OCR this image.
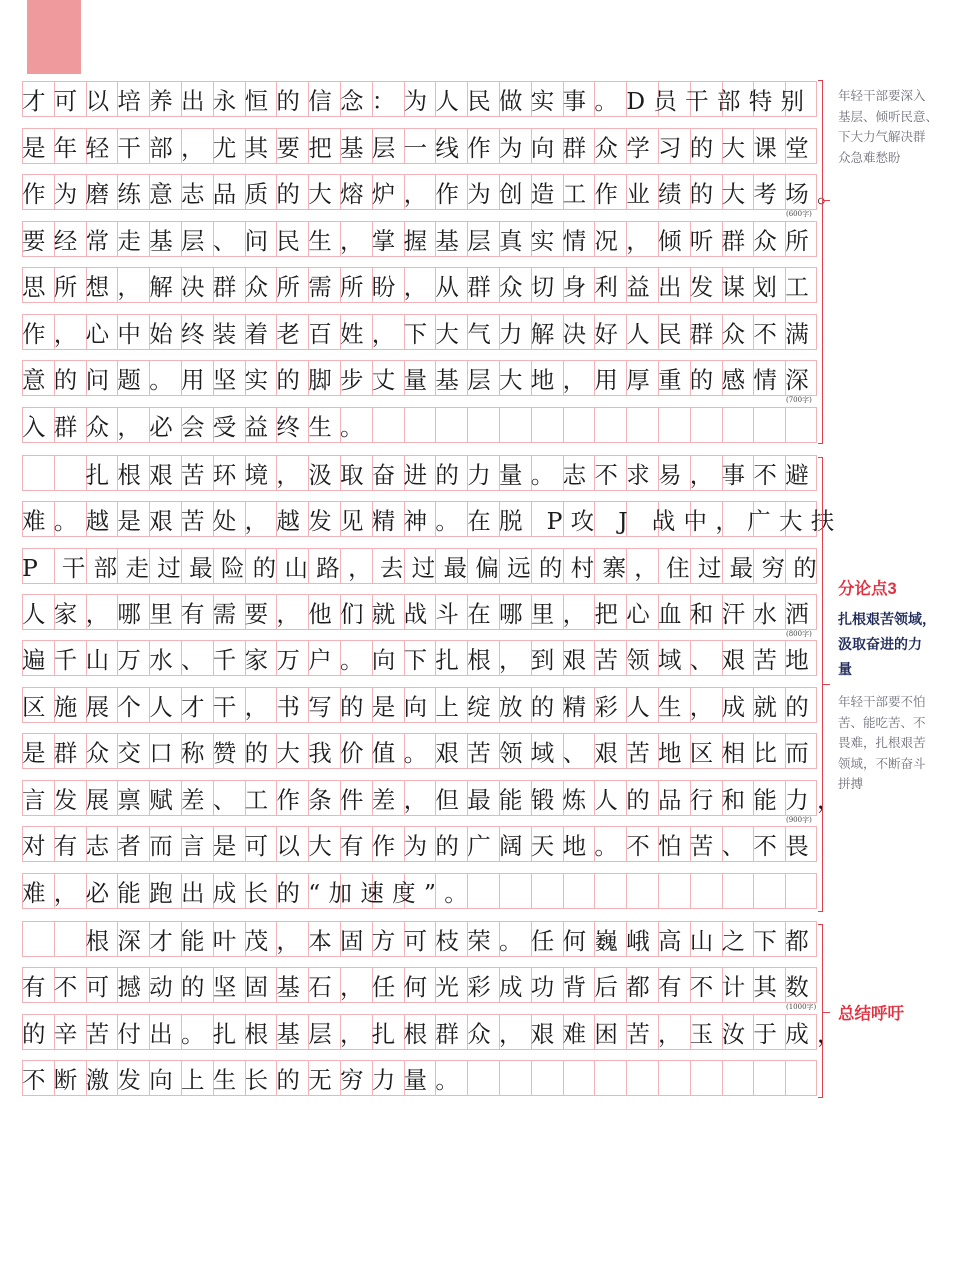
才可以培养出永恒的信念：为人民做实事。D员干部特别
是年轻干部，尤其要把基层一线作为向群众学习的大课堂
作为磨练意志品质的大熔炉，作为创造工作业绩的大考场。
要经常走基层、问民生，掌握基层真实情况，倾听群众所
思所想，解决群众所需所盼，从群众切身利益出发谋划工
作，心中始终装着老百姓，下大气力解决好人民群众不满
意的问题。用坚实的脚步丈量基层大地，用厚重的感情深
入群众，必会受益终生。
　　扎根艰苦环境，汲取奋进的力量。志不求易，事不避
难。越是艰苦处，越发见精神。在脱 P攻 J 战中，广大扶
P 干部走过最险的山路，去过最偏远的村寨，住过最穷的
人家，哪里有需要，他们就战斗在哪里，把心血和汗水洒
遍千山万水、千家万户。向下扎根，到艰苦领域、艰苦地
区施展个人才干，书写的是向上绽放的精彩人生，成就的
是群众交口称赞的大我价值。艰苦领域、艰苦地区相比而
言发展禀赋差、工作条件差，但最能锻炼人的品行和能力，
对有志者而言是可以大有作为的广阔天地。不怕苦、不畏
难，必能跑出成长的“加速度”。
　　根深才能叶茂，本固方可枝荣。任何巍峨高山之下都
有不可撼动的坚固基石，任何光彩成功背后都有不计其数
的辛苦付出。扎根基层，扎根群众，艰难困苦，玉汝于成，
不断激发向上生长的无穷力量。
(600字)
(700字)
(800字)
(900字)
(1000字)
年轻干部要深入
基层、倾听民意、
下大力气解决群
众急难愁盼
分论点3
扎根艰苦领域，
汲取奋进的力
量
年轻干部要不怕
苦、能吃苦、不
畏难，扎根艰苦
领域，不断奋斗
拼搏
总结呼吁
